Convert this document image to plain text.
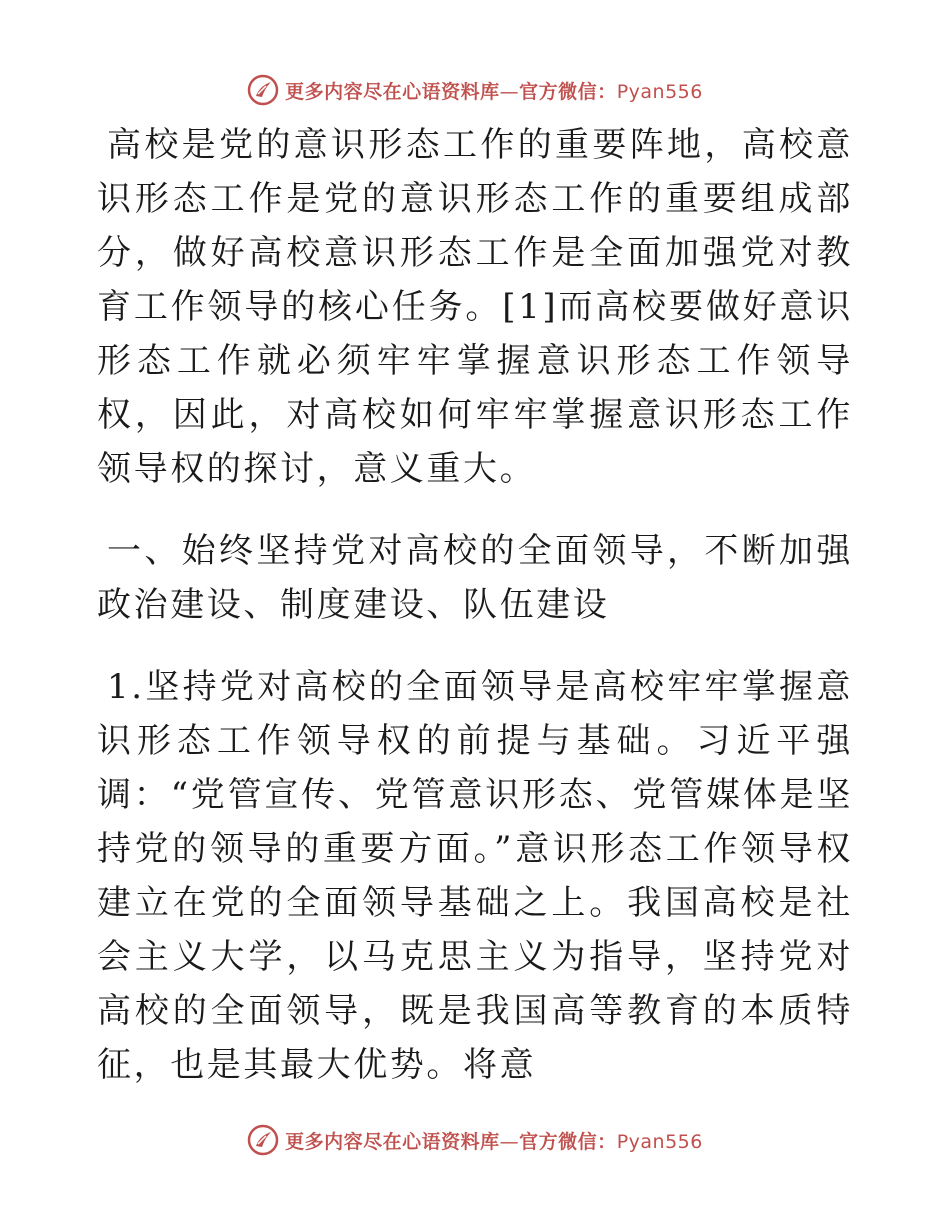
更多内容尽在心语资料库—官方微信：Pyan556

高校是党的意识形态工作的重要阵地，高校意识形态工作是党的意识形态工作的重要组成部分，做好高校意识形态工作是全面加强党对教育工作领导的核心任务。[1]而高校要做好意识形态工作就必须牢牢掌握意识形态工作领导权，因此，对高校如何牢牢掌握意识形态工作领导权的探讨，意义重大。

一、始终坚持党对高校的全面领导，不断加强政治建设、制度建设、队伍建设

1.坚持党对高校的全面领导是高校牢牢掌握意识形态工作领导权的前提与基础。习近平强调：“党管宣传、党管意识形态、党管媒体是坚持党的领导的重要方面。”意识形态工作领导权建立在党的全面领导基础之上。我国高校是社会主义大学，以马克思主义为指导，坚持党对高校的全面领导，既是我国高等教育的本质特征，也是其最大优势。将意

更多内容尽在心语资料库—官方微信：Pyan556
